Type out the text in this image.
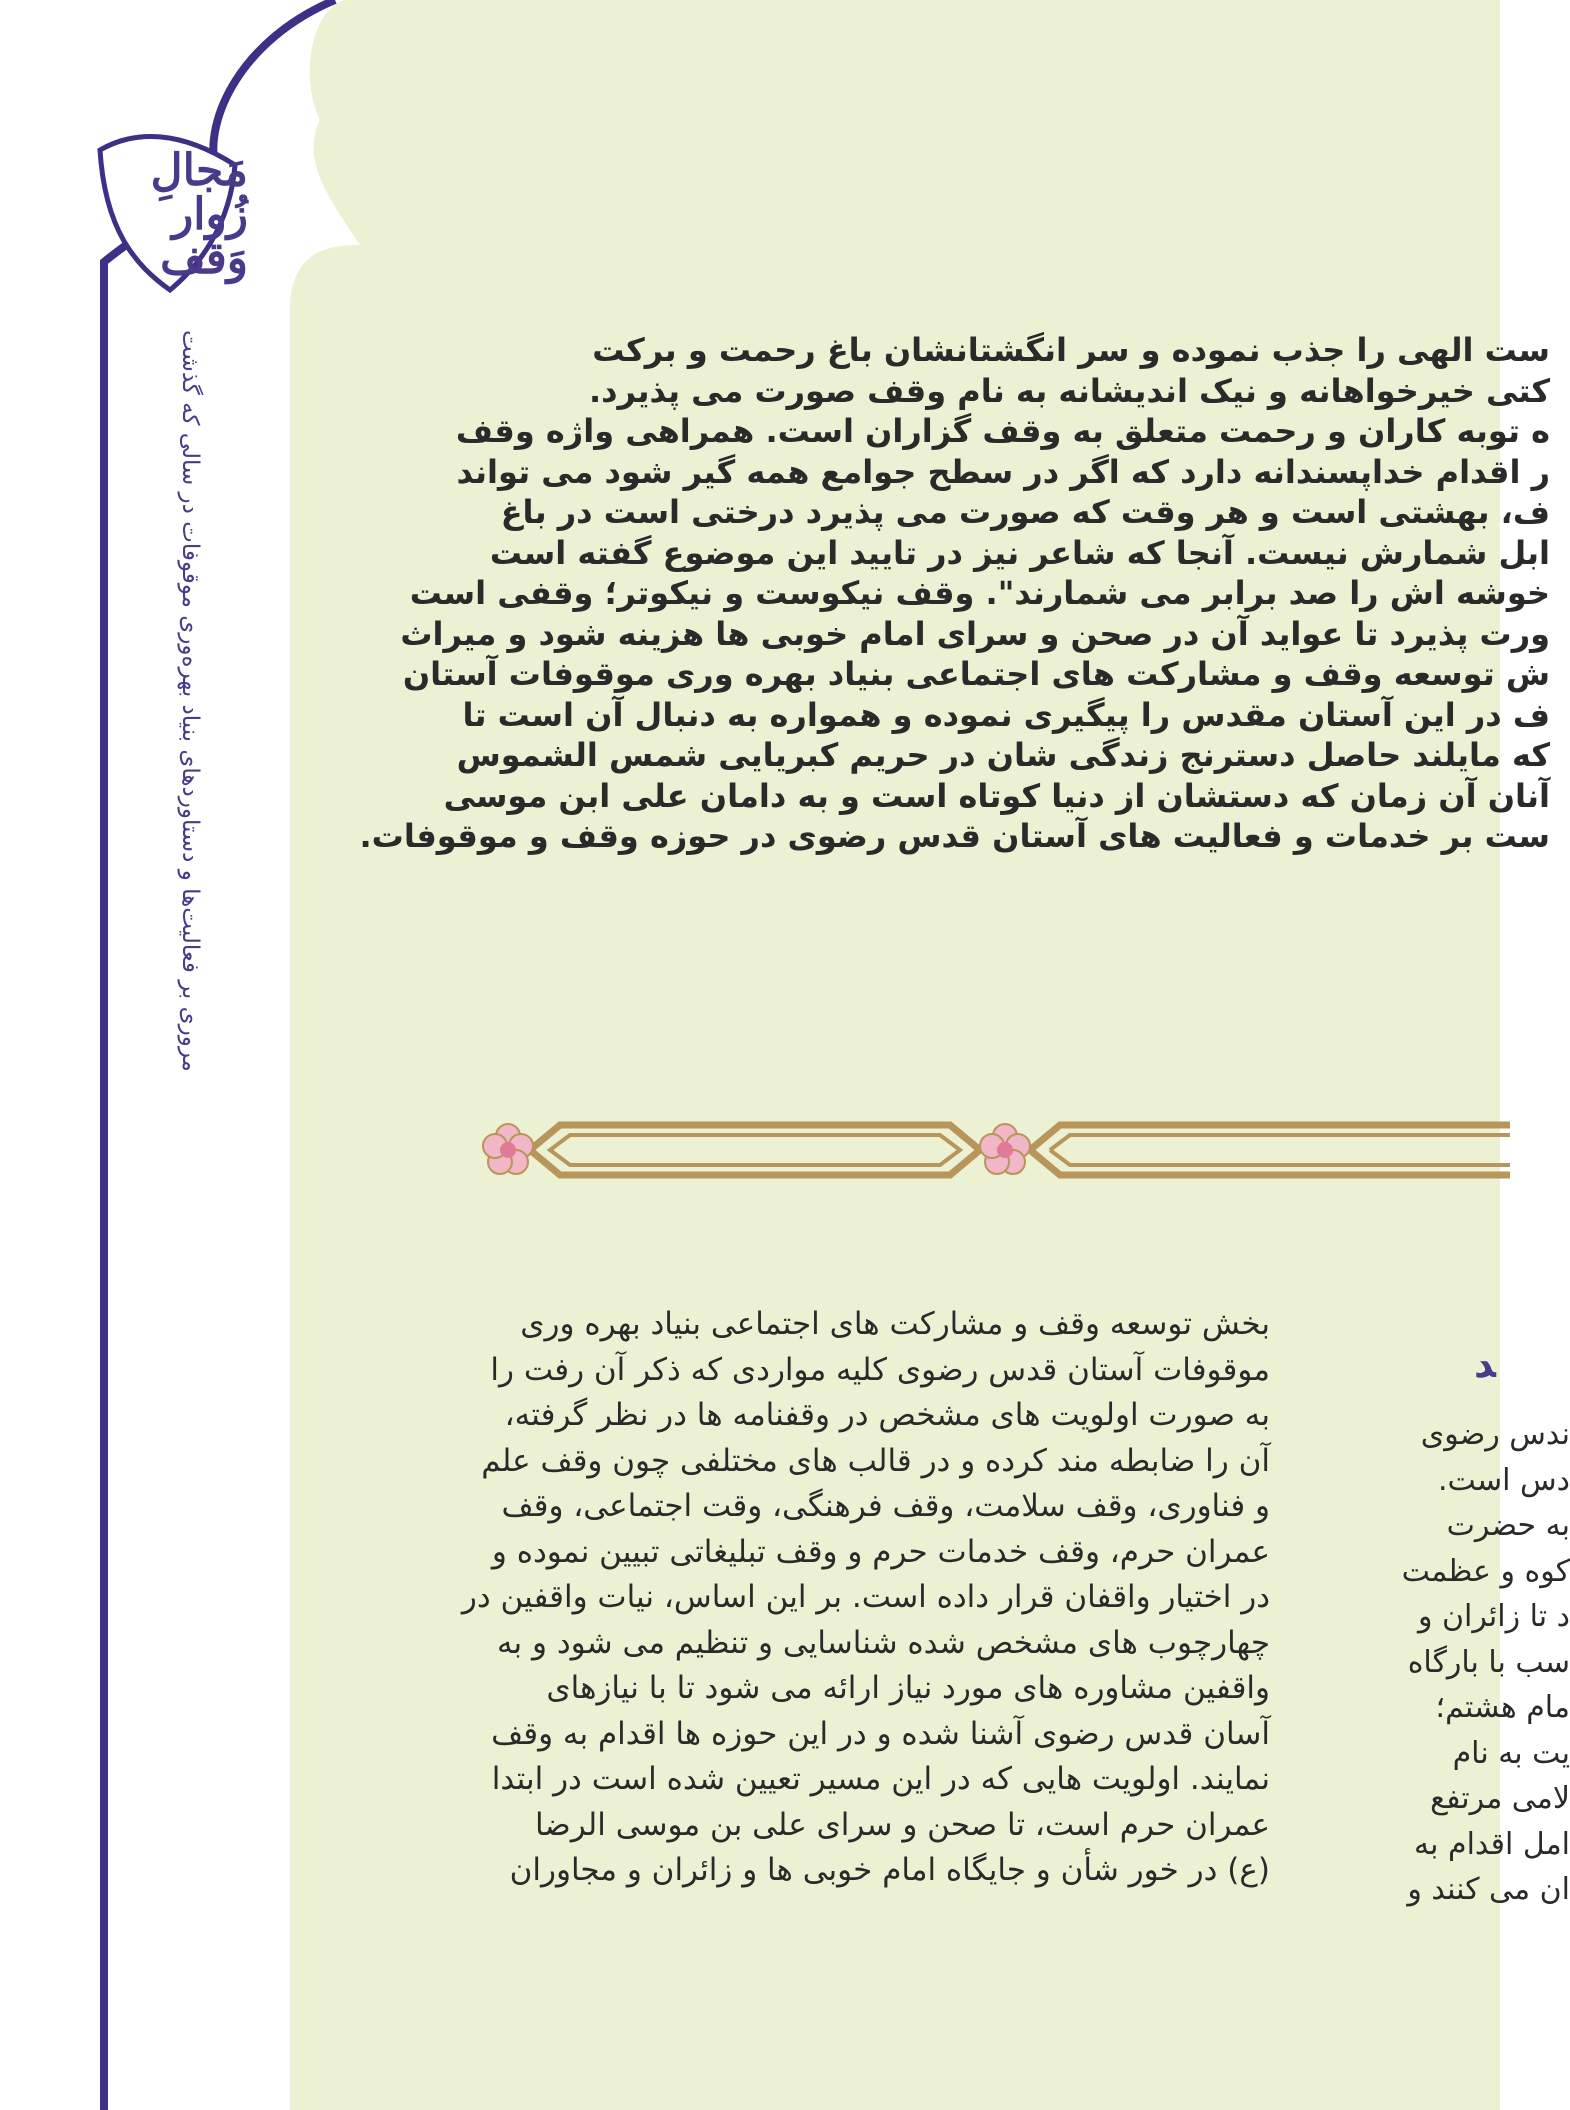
مَجالِ زُوار وَقف
مروری بر فعالیت‌ها و دستاوردهای بنیاد بهره‌وری موقوفات در سالی که گذشت	ست الهی را جذب نموده و سر انگشتانشان باغ رحمت و برکت
کتی خیرخواهانه و نیک اندیشانه به نام وقف صورت می پذیرد.
ه توبه کاران و رحمت متعلق به وقف گزاران است. همراهی واژه وقف
ر اقدام خداپسندانه دارد که اگر در سطح جوامع همه گیر شود می تواند
ف، بهشتی است و هر وقت که صورت می پذیرد درختی است در باغ
ابل شمارش نیست. آنجا که شاعر نیز در تایید این موضوع گفته است
خوشه اش را صد برابر می شمارند". وقف نیکوست و نیکوتر؛ وقفی است
ورت پذیرد تا عواید آن در صحن و سرای امام خوبی ها هزینه شود و میراث
ش توسعه وقف و مشارکت های اجتماعی بنیاد بهره وری موقوفات آستان
ف در این آستان مقدس را پیگیری نموده و همواره به دنبال آن است تا
که مایلند حاصل دسترنج زندگی شان در حریم کبریایی شمس الشموس
آنان آن زمان که دستشان از دنیا کوتاه است و به دامان علی ابن موسی
ست بر خدمات و فعالیت های آستان قدس رضوی در حوزه وقف و موقوفات.
بخش توسعه وقف و مشارکت های اجتماعی بنیاد بهره وری
موقوفات آستان قدس رضوی کلیه مواردی که ذکر آن رفت را
به صورت اولویت های مشخص در وقفنامه ها در نظر گرفته،
آن را ضابطه مند کرده و در قالب های مختلفی چون وقف علم
و فناوری، وقف سلامت، وقف فرهنگی، وقت اجتماعی، وقف
عمران حرم، وقف خدمات حرم و وقف تبلیغاتی تبیین نموده و
در اختیار واقفان قرار داده است. بر این اساس، نیات واقفین در
چهارچوب های مشخص شده شناسایی و تنظیم می شود و به
واقفین مشاوره های مورد نیاز ارائه می شود تا با نیازهای
آسان قدس رضوی آشنا شده و در این حوزه ها اقدام به وقف
نمایند. اولویت هایی که در این مسیر تعیین شده است در ابتدا
عمران حرم است، تا صحن و سرای علی بن موسی الرضا
(ع) در خور شأن و جایگاه امام خوبی ها و زائران و مجاوران
ﺪ
ندس رضوی
دس است.
به حضرت
کوه و عظمت
د تا زائران و
سب با بارگاه
مام هشتم؛
یت به نام
لامی مرتفع
امل اقدام به
ان می کنند و
